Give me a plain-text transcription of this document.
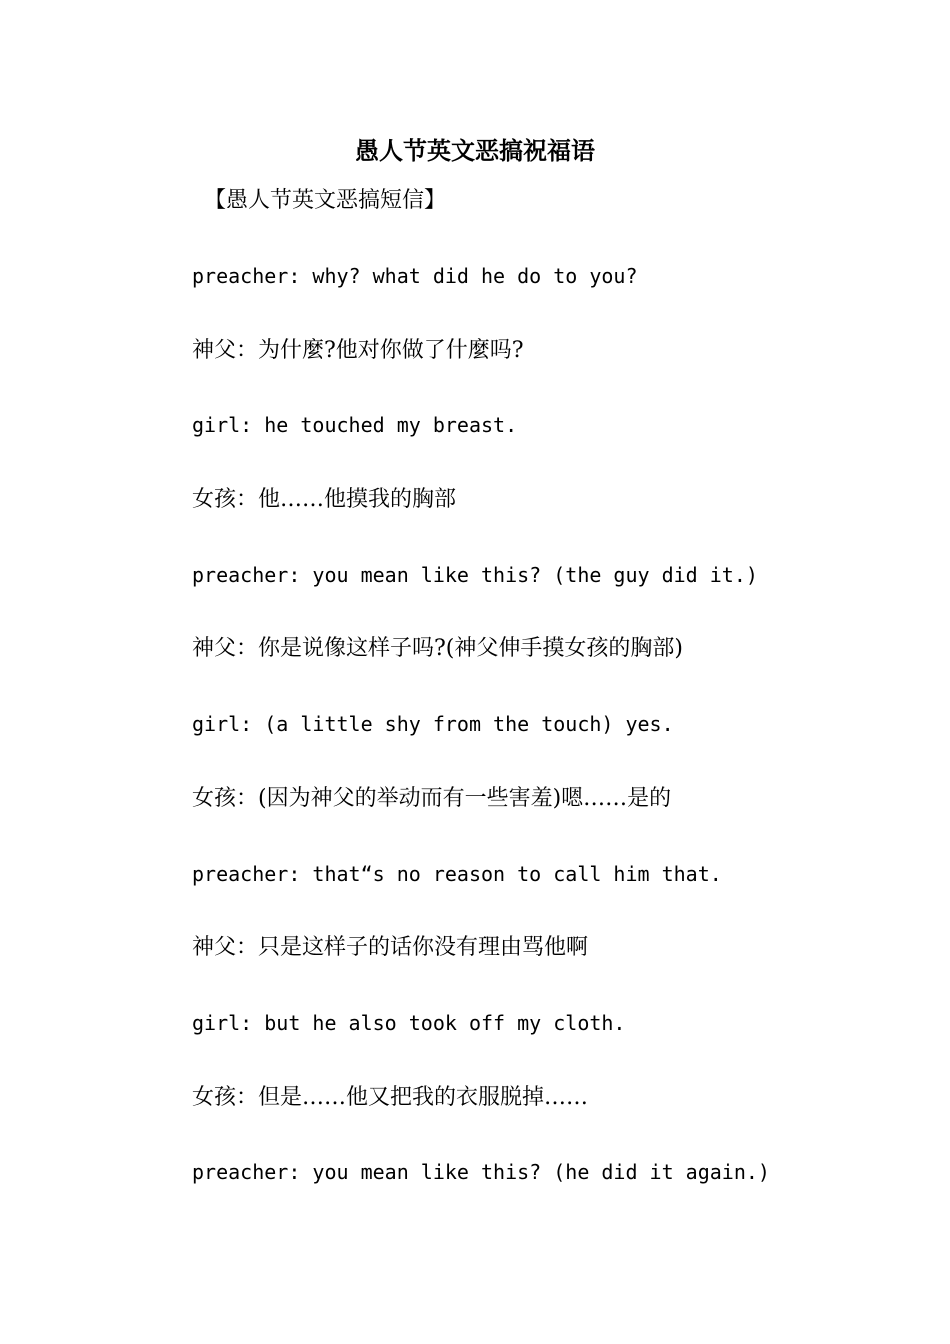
愚人节英文恶搞祝福语

【愚人节英文恶搞短信】

preacher: why? what did he do to you?
神父：为什麼?他对你做了什麼吗?
girl: he touched my breast.
女孩：他……他摸我的胸部
preacher: you mean like this? (the guy did it.)
神父：你是说像这样子吗?(神父伸手摸女孩的胸部)
girl: (a little shy from the touch) yes.
女孩：(因为神父的举动而有一些害羞)嗯……是的
preacher: that“s no reason to call him that.
神父：只是这样子的话你没有理由骂他啊
girl: but he also took off my cloth.
女孩：但是……他又把我的衣服脱掉……
preacher: you mean like this? (he did it again.)
